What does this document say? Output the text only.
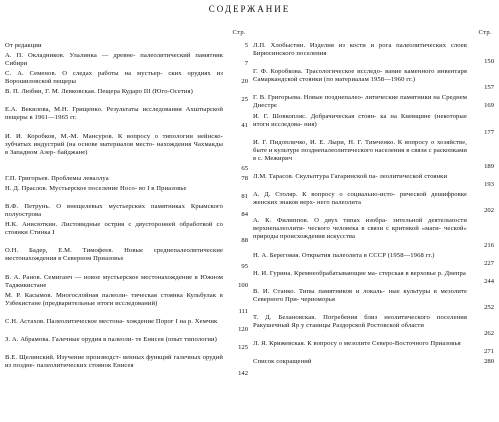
СОДЕРЖАНИЕ
Стр.

От редакции	5

А. П. Окладников. Улалинка — древне- палеолитический памятник Сибири	7

С. А. Семенов. О следах работы на мустьер- ских орудиях из Ворошиловской пещеры	20

В. П. Любин, Г. М. Левковская. Пещера Кударо III (Юго-Осетия)

25

Е.А. Векилова, М.Н. Грищенко. Результаты исследования Ахштырской пещеры в 1961—1965 гг.

41

И. И. Коробков, М.-М. Мансуров. К вопросу о типологии нейнско-зубчатых индустрий (на основе материалов место- нахождения Чахмакды в Западном Азер- байджане)

65

Г.П. Григорьев. Проблемы леваллуа	78

Н. Д. Праслов. Мустьерское поселение Носо- во I в Приазовье

81

В.Ф. Петрунь. О внещелевых мустьерских памятниках Крымского полуострова	84

Н.К. Анисюткин. Листовидные острия с двусторонней обработкой со стоянки Стинка I

88

О.Н. Бадер, Е.М. Тимофеев. Новые среднепалеолитические местонахождения в Северном Приазовье

95

В. А. Ранов. Семиганч — новое мустьерское местонахождение в Южном Таджикистане	100

М. Р. Касымов. Многослойная палеоли- тическая стоянка Кульбулак в Узбекистане (предварительные итоги исследований)

111

С.Н. Астахов. Палеолитическое местона- хождение Порог I на р. Хемчик

120

З. А. Абрамова. Галечные орудия в палеоли- те Енисея (опыт типологии)

125

В.Е. Щелинский. Изучение производст- венных функций галечных орудий из поздне- палеолитических стоянок Енисея

142
Стр.

Л.П. Хлобыстин. Изделия из кости и рога палеолитических слоев Бирюсинского поселения

150

Г. Ф. Коробкова. Трасологическое исследо- вание каменного инвентаря Самаркандской стоянки (по материалам 1958—1960 гг.)

157

Г. В. Григорьева. Новые позднепалео- литические памятники на Среднем Днестре	169

И. Г. Шовкопляс. Добрачическая стоян- ка на Киевщине (некоторые итоги исследова- ния)

177

И. Г. Пидопличко, И. Е. Лыри, Н. Г. Тимченко. К вопросу о хозяйстве, быте и культуре позднепалеолитического населения в связи с раскопками в с. Межирич

189

Л.М. Тарасов. Скульптура Гагаринской па- леолитической стоянки

193

А. Д. Столяр. К вопросу о социально-исто- рической дешифровке женских знаков верх- него палеолита

202

А. К. Филиппов. О двух типах изобра- зительной деятельности верхнепалеолити- ческого человека в связи с критикой «маги- ческой» природы происхождения искусства

216

Н. А. Береговая. Открытия палеолита в СССР (1958—1968 гг.)

227

Н. И. Гурина. Кремнеобрабатывающие ма- стерская в верховье р. Днепра

244

В. И. Станко. Типы памятников и локаль- ные культуры в мезолите Северного При- черноморья

252

Т. Д. Белановская. Погребения близ неолитического поселения Ракушечный Яр у станицы Раздорской Ростовской области

262

Л. Я. Крижевская. К вопросу о мезолите Северо-Восточного Приазовья

271

Список сокращений	280
